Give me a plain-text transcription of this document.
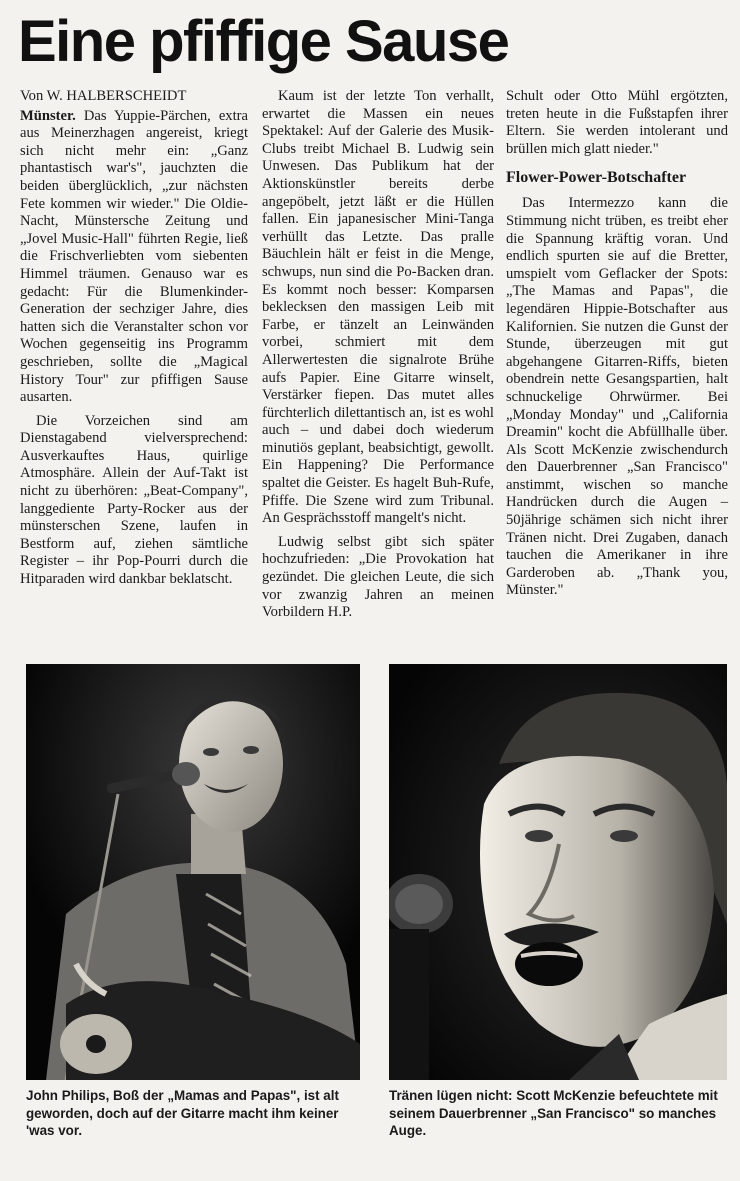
Eine pfiffige Sause
Von W. HALBERSCHEIDT

Münster. Das Yuppie-Pärchen, extra aus Meinerzhagen angereist, kriegt sich nicht mehr ein: „Ganz phantastisch war's", jauchzten die beiden überglücklich, „zur nächsten Fete kommen wir wieder." Die Oldie-Nacht, Münstersche Zeitung und „Jovel Music-Hall" führten Regie, ließ die Frischverliebten vom siebenten Himmel träumen. Genauso war es gedacht: Für die Blumenkinder-Generation der sechziger Jahre, dies hatten sich die Veranstalter schon vor Wochen gegenseitig ins Programm geschrieben, sollte die „Magical History Tour" zur pfiffigen Sause ausarten.

Die Vorzeichen sind am Dienstagabend vielversprechend: Ausverkauftes Haus, quirlige Atmosphäre. Allein der Auf-Takt ist nicht zu überhören: „Beat-Company", langgediente Party-Rocker aus der münsterschen Szene, laufen in Bestform auf, ziehen sämtliche Register – ihr Pop-Pourri durch die Hitparaden wird dankbar beklatscht.

Kaum ist der letzte Ton verhallt, erwartet die Massen ein neues Spektakel: Auf der Galerie des Musik-Clubs treibt Michael B. Ludwig sein Unwesen. Das Publikum hat der Aktionskünstler bereits derbe angepöbelt, jetzt läßt er die Hüllen fallen. Ein japanesischer Mini-Tanga verhüllt das Letzte. Das pralle Bäuchlein hält er feist in die Menge, schwups, nun sind die Po-Backen dran. Es kommt noch besser: Komparsen beklecksen den massigen Leib mit Farbe, er tänzelt an Leinwänden vorbei, schmiert mit dem Allerwertesten die signalrote Brühe aufs Papier. Eine Gitarre winselt, Verstärker fiepen. Das mutet alles fürchterlich dilettantisch an, ist es wohl auch – und dabei doch wiederum minutiös geplant, beabsichtigt, gewollt. Ein Happening? Die Performance spaltet die Geister. Es hagelt Buh-Rufe, Pfiffe. Die Szene wird zum Tribunal. An Gesprächsstoff mangelt's nicht.

Ludwig selbst gibt sich später hochzufrieden: „Die Provokation hat gezündet. Die gleichen Leute, die sich vor zwanzig Jahren an meinen Vorbildern H.P.

Schult oder Otto Mühl ergötzten, treten heute in die Fußstapfen ihrer Eltern. Sie werden intolerant und brüllen mich glatt nieder."

Flower-Power-Botschafter

Das Intermezzo kann die Stimmung nicht trüben, es treibt eher die Spannung kräftig voran. Und endlich spurten sie auf die Bretter, umspielt vom Geflacker der Spots: „The Mamas and Papas", die legendären Hippie-Botschafter aus Kalifornien. Sie nutzen die Gunst der Stunde, überzeugen mit gut abgehangene Gitarren-Riffs, bieten obendrein nette Gesangspartien, halt schnuckelige Ohrwürmer. Bei „Monday Monday" und „California Dreamin" kocht die Abfüllhalle über. Als Scott McKenzie zwischendurch den Dauerbrenner „San Francisco" anstimmt, wischen so manche Handrücken durch die Augen – 50jährige schämen sich nicht ihrer Tränen nicht. Drei Zugaben, danach tauchen die Amerikaner in ihre Garderoben ab. „Thank you, Münster."

John Philips, Boß der „Mamas and Papas", ist alt geworden, doch auf der Gitarre macht ihm keiner 'was vor.

Tränen lügen nicht: Scott McKenzie befeuchtete mit seinem Dauerbrenner „San Francisco" so manches Auge.
